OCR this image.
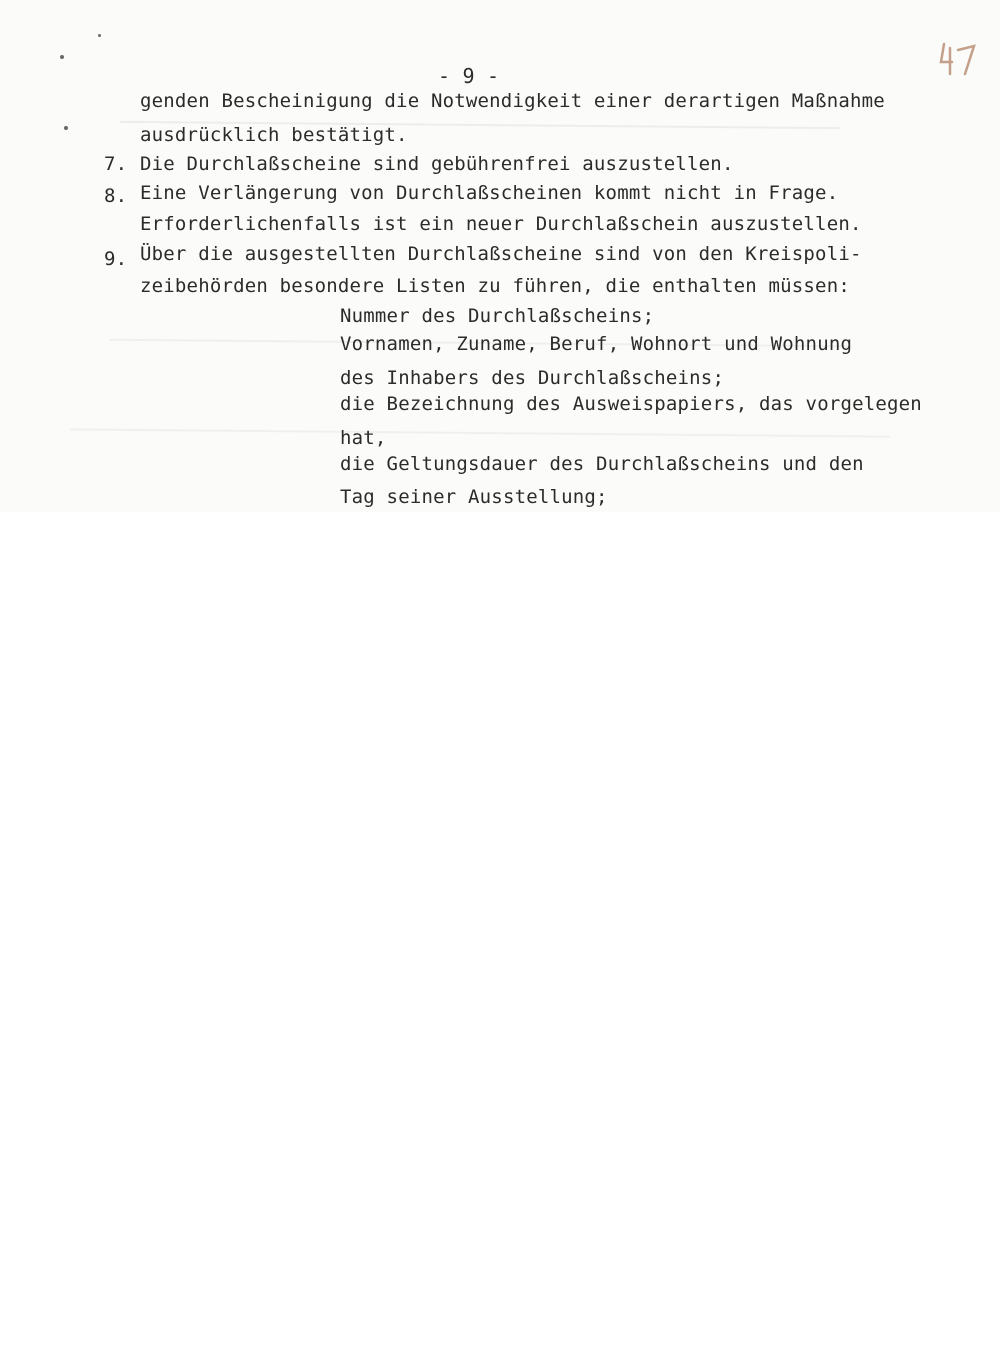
- 9 -
genden Bescheinigung die Notwendigkeit einer derartigen Maßnahme
ausdrücklich bestätigt.
7. Die Durchlaßscheine sind gebührenfrei auszustellen.
8. Eine Verlängerung von Durchlaßscheinen kommt nicht in Frage.
Erforderlichenfalls ist ein neuer Durchlaßschein auszustellen.
9. Über die ausgestellten Durchlaßscheine sind von den Kreispoli-
zeibehörden besondere Listen zu führen, die enthalten müssen:
Nummer des Durchlaßscheins;
Vornamen, Zuname, Beruf, Wohnort und Wohnung
des Inhabers des Durchlaßscheins;
die Bezeichnung des Ausweispapiers, das vorgelegen
hat,
die Geltungsdauer des Durchlaßscheins und den
Tag seiner Ausstellung;
